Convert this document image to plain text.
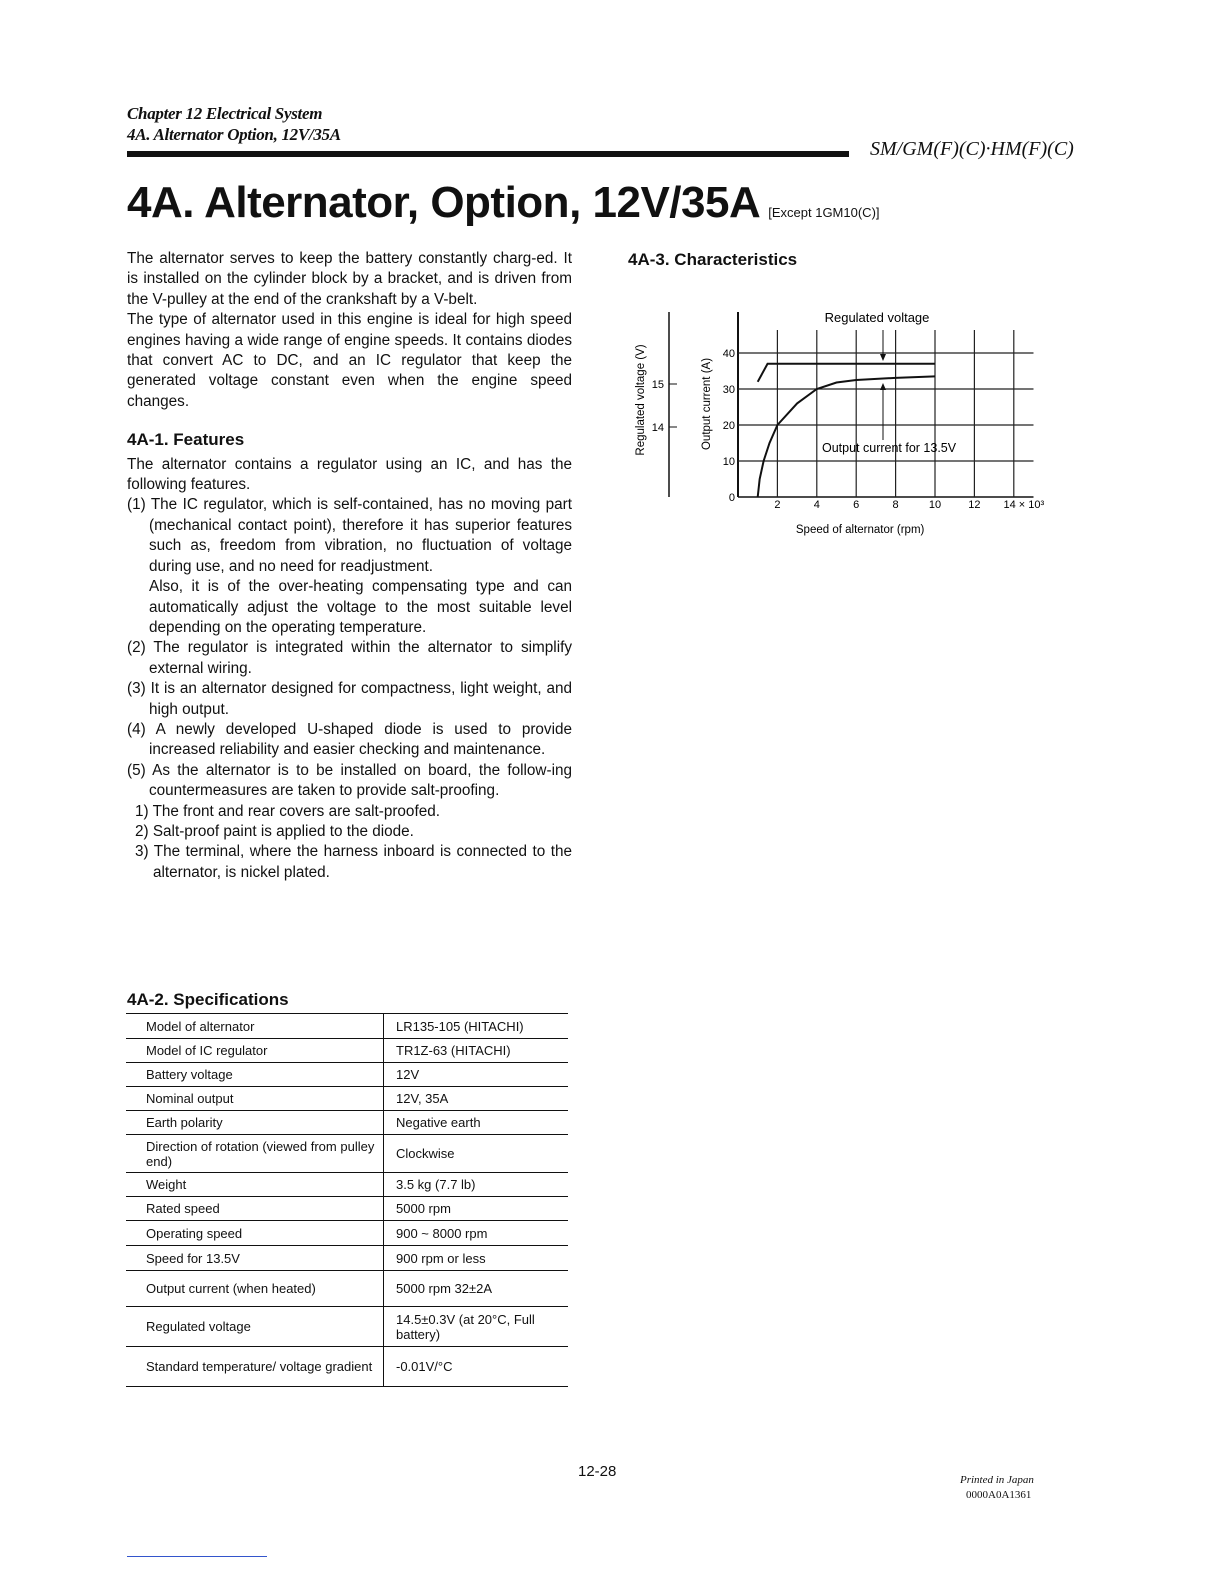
Chapter 12 Electrical System
4A. Alternator Option, 12V/35A
SM/GM(F)(C)·HM(F)(C)
4A. Alternator, Option, 12V/35A [Except 1GM10(C)]

The alternator serves to keep the battery constantly charg-ed. It is installed on the cylinder block by a bracket, and is driven from the V-pulley at the end of the crankshaft by a V-belt.

The type of alternator used in this engine is ideal for high speed engines having a wide range of engine speeds. It contains diodes that convert AC to DC, and an IC regulator that keep the generated voltage constant even when the engine speed changes.

4A-1. Features

The alternator contains a regulator using an IC, and has the following features.

(1) The IC regulator, which is self-contained, has no moving part (mechanical contact point), therefore it has superior features such as, freedom from vibration, no fluctuation of voltage during use, and no need for readjustment.

Also, it is of the over-heating compensating type and can automatically adjust the voltage to the most suitable level depending on the operating temperature.

(2) The regulator is integrated within the alternator to simplify external wiring.

(3) It is an alternator designed for compactness, light weight, and high output.

(4) A newly developed U-shaped diode is used to provide increased reliability and easier checking and maintenance.

(5) As the alternator is to be installed on board, the follow-ing countermeasures are taken to provide salt-proofing.

1) The front and rear covers are salt-proofed.

2) Salt-proof paint is applied to the diode.

3) The terminal, where the harness inboard is connected to the alternator, is nickel plated.

4A-2. Specifications
Model of alternator	LR135-105 (HITACHI)
Model of IC regulator	TR1Z-63 (HITACHI)
Battery voltage	12V
Nominal output	12V, 35A
Earth polarity	Negative earth
Direction of rotation (viewed from pulley end)	Clockwise
Weight	3.5 kg (7.7 lb)
Rated speed	5000 rpm
Operating speed	900 ~ 8000 rpm
Speed for 13.5V	900 rpm or less
Output current (when heated)	5000 rpm 32±2A
Regulated voltage	14.5±0.3V (at 20°C, Full battery)
Standard temperature/ voltage gradient	-0.01V/°C
4A-3. Characteristics
2	4	6	8	10 12 14 × 10³
0
10
20
30
40
15
14
Regulated voltage (V)	Output current (A)
Speed of alternator (rpm)
Regulated voltage
Output current for 13.5V
12-28	Printed in Japan
0000A0A1361
